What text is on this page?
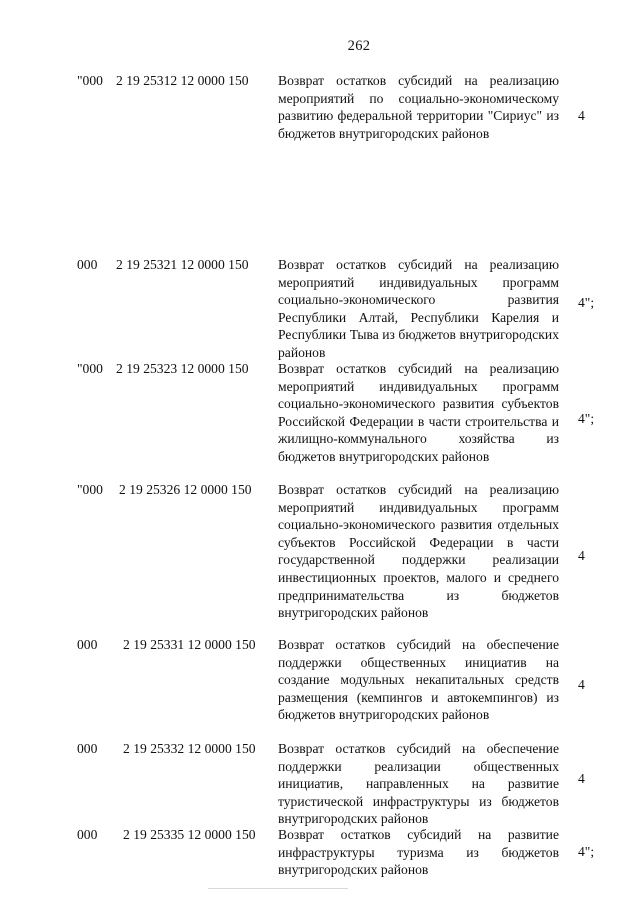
262
"000 2 19 25312 12 0000 150 Возврат остатков субсидий на реализацию мероприятий по социально-экономическому развитию федеральной территории "Сириус" из бюджетов внутригородских районов
4
000 2 19 25321 12 0000 150 Возврат остатков субсидий на реализацию мероприятий индивидуальных программ социально-экономического развития Республики Алтай, Республики Карелия и Республики Тыва из бюджетов внутригородских районов
4";
"000 2 19 25323 12 0000 150 Возврат остатков субсидий на реализацию мероприятий индивидуальных программ социально-экономического развития субъектов Российской Федерации в части строительства и жилищно-коммунального хозяйства из бюджетов внутригородских районов
4";
"000 2 19 25326 12 0000 150 Возврат остатков субсидий на реализацию мероприятий индивидуальных программ социально-экономического развития отдельных субъектов Российской Федерации в части государственной поддержки реализации инвестиционных проектов, малого и среднего предпринимательства из бюджетов внутригородских районов
4
000 2 19 25331 12 0000 150 Возврат остатков субсидий на обеспечение поддержки общественных инициатив на создание модульных некапитальных средств размещения (кемпингов и автокемпингов) из бюджетов внутригородских районов
4
000 2 19 25332 12 0000 150 Возврат остатков субсидий на обеспечение поддержки реализации общественных инициатив, направленных на развитие туристической инфраструктуры из бюджетов внутригородских районов
4
000 2 19 25335 12 0000 150 Возврат остатков субсидий на развитие инфраструктуры туризма из бюджетов внутригородских районов
4";
